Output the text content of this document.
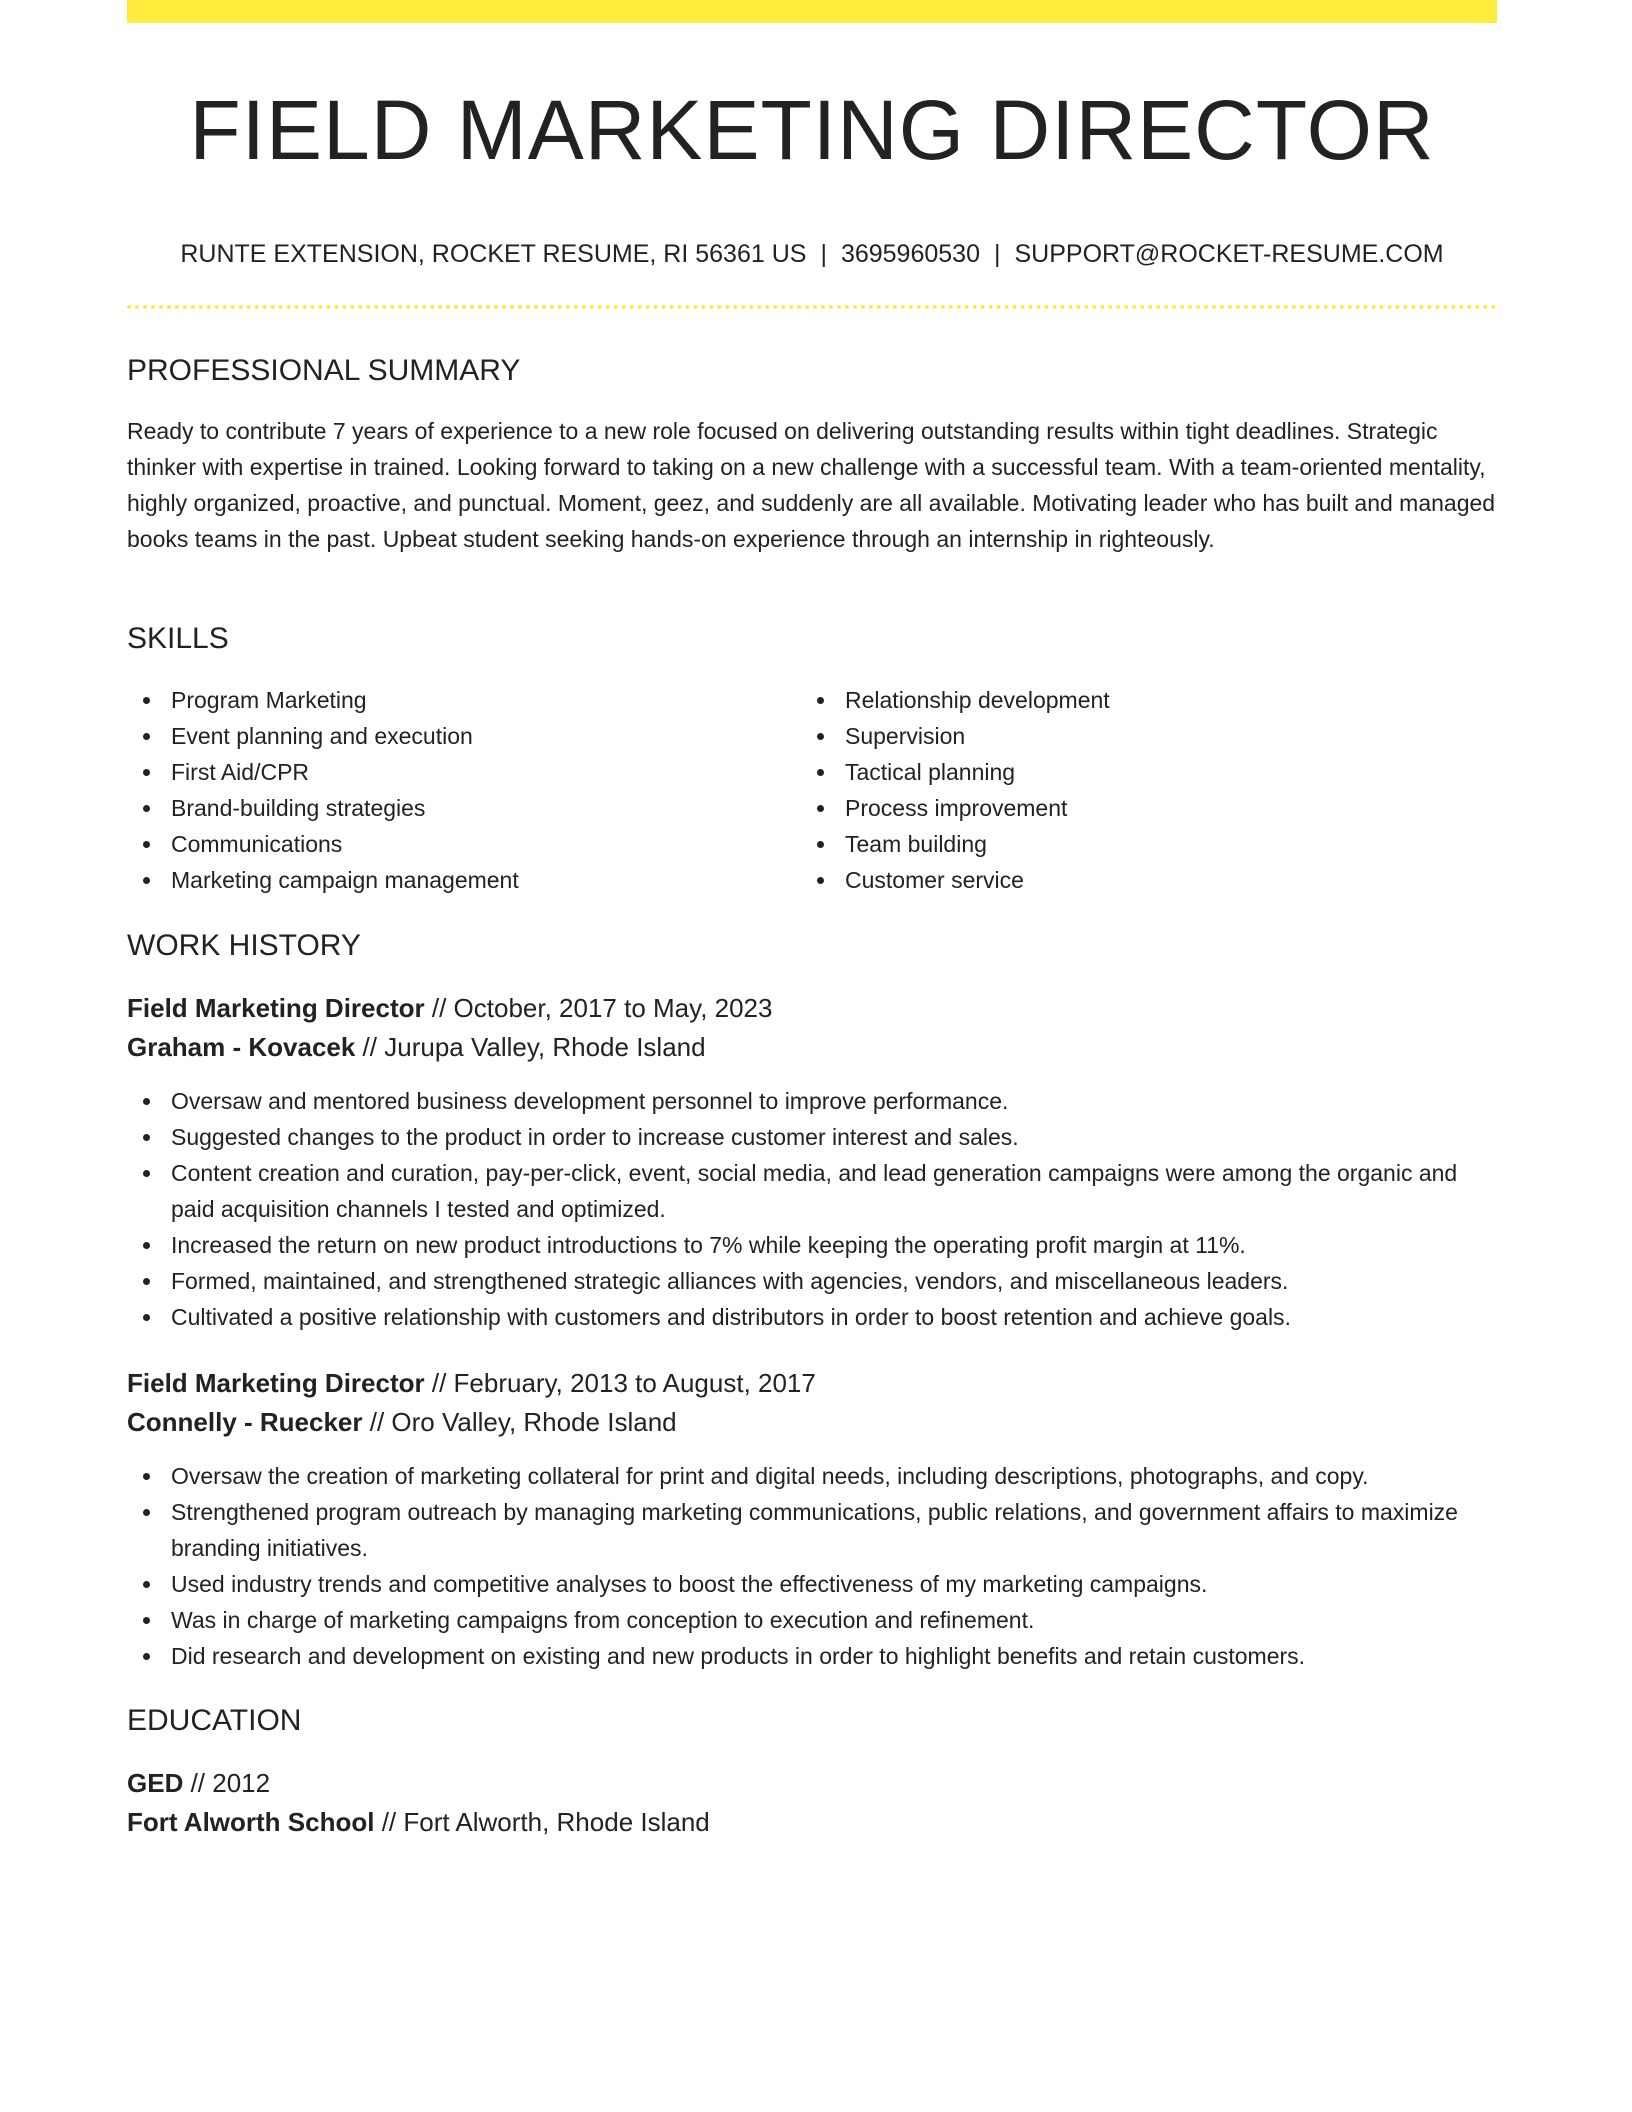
FIELD MARKETING DIRECTOR
RUNTE EXTENSION, ROCKET RESUME, RI 56361 US | 3695960530 | SUPPORT@ROCKET-RESUME.COM
PROFESSIONAL SUMMARY

Ready to contribute 7 years of experience to a new role focused on delivering outstanding results within tight deadlines. Strategic thinker with expertise in trained. Looking forward to taking on a new challenge with a successful team. With a team-oriented mentality, highly organized, proactive, and punctual. Moment, geez, and suddenly are all available. Motivating leader who has built and managed books teams in the past. Upbeat student seeking hands-on experience through an internship in righteously.

SKILLS
Program Marketing
Event planning and execution
First Aid/CPR
Brand-building strategies
Communications
Marketing campaign management
Relationship development
Supervision
Tactical planning
Process improvement
Team building
Customer service
WORK HISTORY
Field Marketing Director // October, 2017 to May, 2023
Graham - Kovacek // Jurupa Valley, Rhode Island
Oversaw and mentored business development personnel to improve performance.
Suggested changes to the product in order to increase customer interest and sales.
Content creation and curation, pay-per-click, event, social media, and lead generation campaigns were among the organic and paid acquisition channels I tested and optimized.
Increased the return on new product introductions to 7% while keeping the operating profit margin at 11%.
Formed, maintained, and strengthened strategic alliances with agencies, vendors, and miscellaneous leaders.
Cultivated a positive relationship with customers and distributors in order to boost retention and achieve goals.
Field Marketing Director // February, 2013 to August, 2017
Connelly - Ruecker // Oro Valley, Rhode Island
Oversaw the creation of marketing collateral for print and digital needs, including descriptions, photographs, and copy.
Strengthened program outreach by managing marketing communications, public relations, and government affairs to maximize branding initiatives.
Used industry trends and competitive analyses to boost the effectiveness of my marketing campaigns.
Was in charge of marketing campaigns from conception to execution and refinement.
Did research and development on existing and new products in order to highlight benefits and retain customers.
EDUCATION
GED // 2012
Fort Alworth School // Fort Alworth, Rhode Island
